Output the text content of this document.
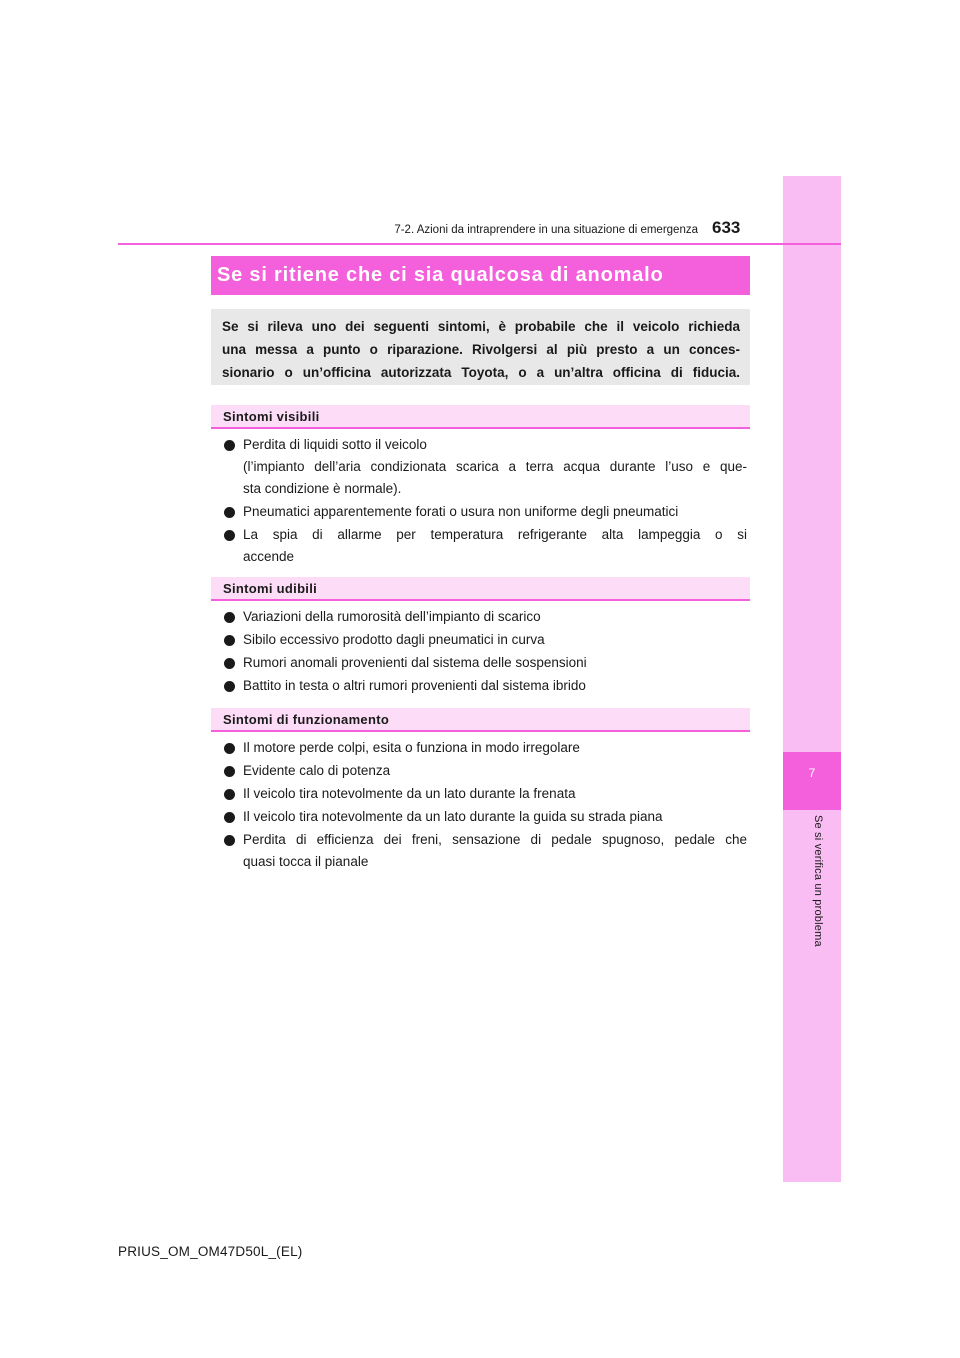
7
Se si verifica un problema
7-2. Azioni da intraprendere in una situazione di emergenza 633
Se si ritiene che ci sia qualcosa di anomalo
Se si rileva uno dei seguenti sintomi, è probabile che il veicolo richieda
una messa a punto o riparazione. Rivolgersi al più presto a un conces-
sionario o un’officina autorizzata Toyota, o a un’altra officina di fiducia.
Sintomi visibili
Perdita di liquidi sotto il veicolo
(l’impianto dell’aria condizionata scarica a terra acqua durante l’uso e que-
sta condizione è normale).
Pneumatici apparentemente forati o usura non uniforme degli pneumatici
La spia di allarme per temperatura refrigerante alta lampeggia o si
accende
Sintomi udibili
Variazioni della rumorosità dell’impianto di scarico
Sibilo eccessivo prodotto dagli pneumatici in curva
Rumori anomali provenienti dal sistema delle sospensioni
Battito in testa o altri rumori provenienti dal sistema ibrido
Sintomi di funzionamento
Il motore perde colpi, esita o funziona in modo irregolare
Evidente calo di potenza
Il veicolo tira notevolmente da un lato durante la frenata
Il veicolo tira notevolmente da un lato durante la guida su strada piana
Perdita di efficienza dei freni, sensazione di pedale spugnoso, pedale che
quasi tocca il pianale
PRIUS_OM_OM47D50L_(EL)
